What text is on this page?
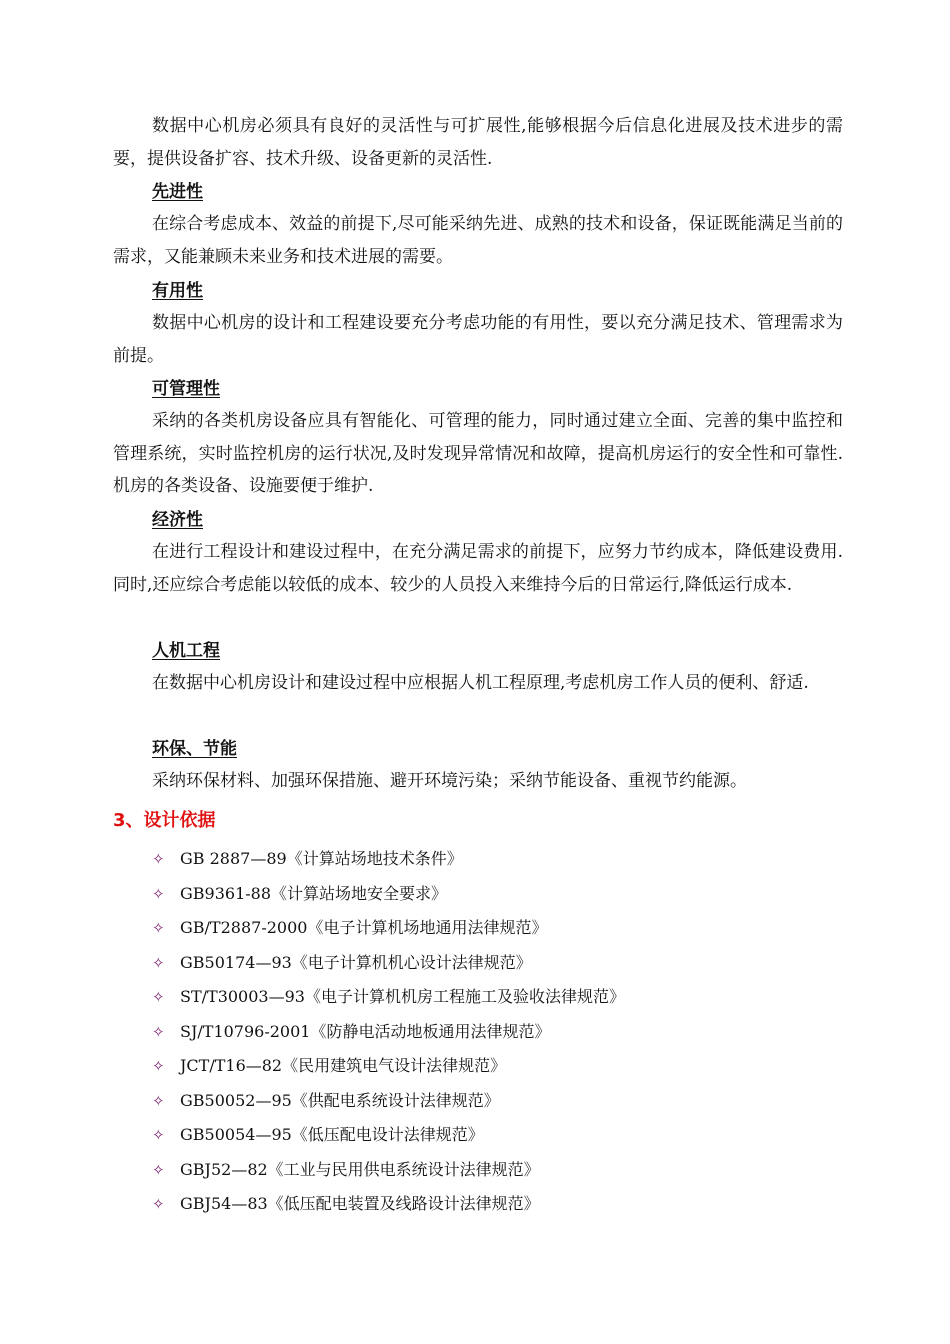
数据中心机房必须具有良好的灵活性与可扩展性,能够根据今后信息化进展及技术进步的需要，提供设备扩容、技术升级、设备更新的灵活性.

先进性

在综合考虑成本、效益的前提下,尽可能采纳先进、成熟的技术和设备，保证既能满足当前的需求，又能兼顾未来业务和技术进展的需要。

有用性

数据中心机房的设计和工程建设要充分考虑功能的有用性，要以充分满足技术、管理需求为前提。

可管理性

采纳的各类机房设备应具有智能化、可管理的能力，同时通过建立全面、完善的集中监控和管理系统，实时监控机房的运行状况,及时发现异常情况和故障，提高机房运行的安全性和可靠性.机房的各类设备、设施要便于维护.

经济性

在进行工程设计和建设过程中，在充分满足需求的前提下，应努力节约成本，降低建设费用.同时,还应综合考虑能以较低的成本、较少的人员投入来维持今后的日常运行,降低运行成本.

人机工程

在数据中心机房设计和建设过程中应根据人机工程原理,考虑机房工作人员的便利、舒适.

环保、节能

采纳环保材料、加强环保措施、避开环境污染；采纳节能设备、重视节约能源。

3、设计依据

✧ GB 2887—89《计算站场地技术条件》
✧ GB9361-88《计算站场地安全要求》
✧ GB/T2887-2000《电子计算机场地通用法律规范》
✧ GB50174—93《电子计算机机心设计法律规范》
✧ ST/T30003—93《电子计算机机房工程施工及验收法律规范》
✧ SJ/T10796-2001《防静电活动地板通用法律规范》
✧ JCT/T16—82《民用建筑电气设计法律规范》
✧ GB50052—95《供配电系统设计法律规范》
✧ GB50054—95《低压配电设计法律规范》
✧ GBJ52—82《工业与民用供电系统设计法律规范》
✧ GBJ54—83《低压配电装置及线路设计法律规范》
